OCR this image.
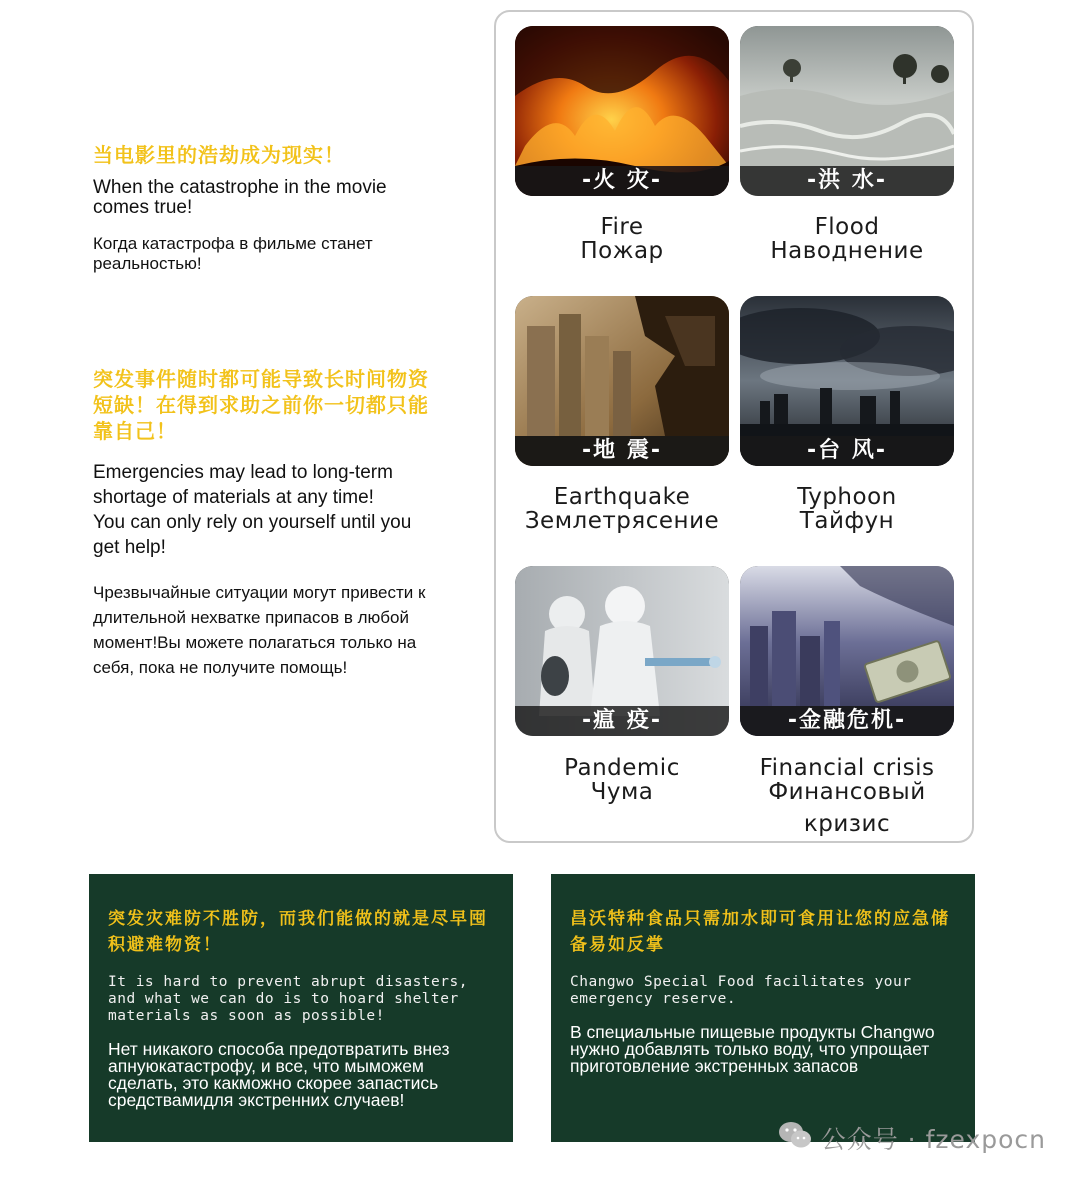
当电影里的浩劫成为现实！
When the catastrophe in the movie comes true!
Когда катастрофа в фильме станет реальностью!
突发事件随时都可能导致长时间物资短缺！在得到求助之前你一切都只能靠自己！
Emergencies may lead to long-term shortage of materials at any time!
You can only rely on yourself until you get help!
Чрезвычайные ситуации могут привести к длительной нехватке припасов в любой момент!Вы можете полагаться только на себя, пока не получите помощь!
-火 灾-	-洪 水-
Fire
Пожар
Flood
Наводнение
-地 震-	-台 风-
Earthquake
Землетрясение
Typhoon
Тайфун
-瘟 疫-	-金融危机-
Pandemic
Чума
Financial crisis
Финансовый
кризис
突发灾难防不胜防，而我们能做的就是尽早囤积避难物资！
It is hard to prevent abrupt disasters, and what we can do is to hoard shelter materials as soon as possible!
Нет никакого способа предотвратить внез апнуюкатастрофу, и все, что мыможем сделать, это какможно скорее запастись средствамидля экстренних случаев!
昌沃特种食品只需加水即可食用让您的应急储备易如反掌
Changwo Special Food facilitates your emergency reserve.
В специальные пищевые продукты Changwo нужно добавлять только воду, что упрощает приготовление экстренных запасов
公众号 · fzexpocn
